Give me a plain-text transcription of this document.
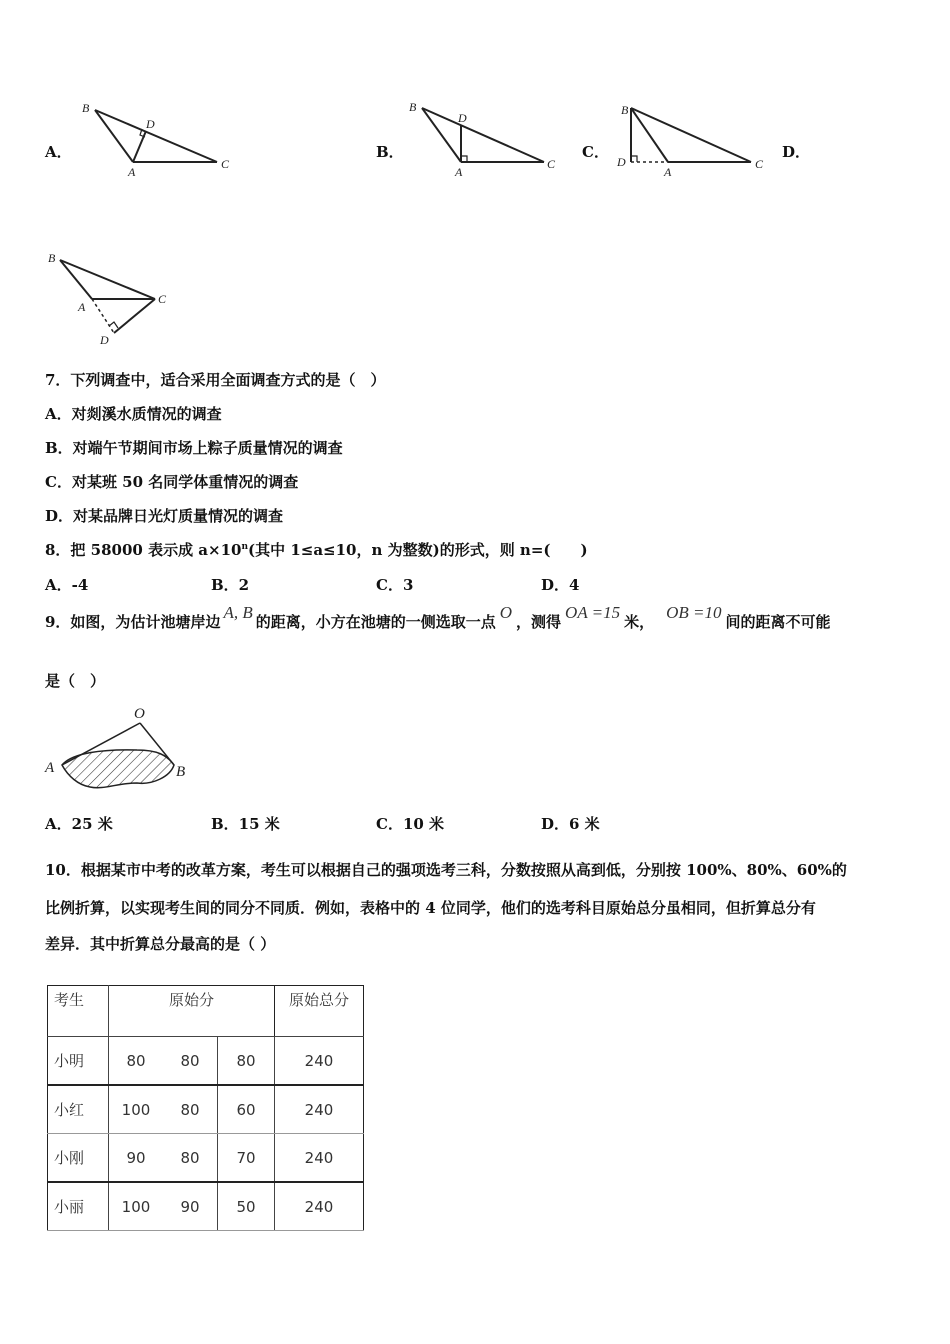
A．
B
D
A
C
B．
B
D
A
C
C．
B
D
A
C
D．
B
A
C
D
7．下列调查中，适合采用全面调查方式的是（　）
A．对剡溪水质情况的调查
B．对端午节期间市场上粽子质量情况的调查
C．对某班 50 名同学体重情况的调查
D．对某品牌日光灯质量情况的调查
8．把 58000 表示成 $a\times 10^n$(其中 1≤a≤10，n 为整数)的形式，则 n=(　　)
A．-4	B．2	C．3	D．4
9．如图，为估计池塘岸边 A, B 的距离，小方在池塘的一侧选取一点 O ，测得 OA =15 米， OB =10 间的距离不可能
是（　）
O
A	B
A．25 米	B．15 米	C．10 米	D．6 米
10．根据某市中考的改革方案，考生可以根据自己的强项选考三科，分数按照从高到低，分别按 100%、80%、60%的
比例折算，以实现考生间的同分不同质．例如，表格中的 4 位同学，他们的选考科目原始总分虽相同，但折算总分有
差异．其中折算总分最高的是（ ）
考生	原始分			原始总分
小明	80	80	80	240
小红	100	80	60	240
小刚	90	80	70	240
小丽	100	90	50	240
